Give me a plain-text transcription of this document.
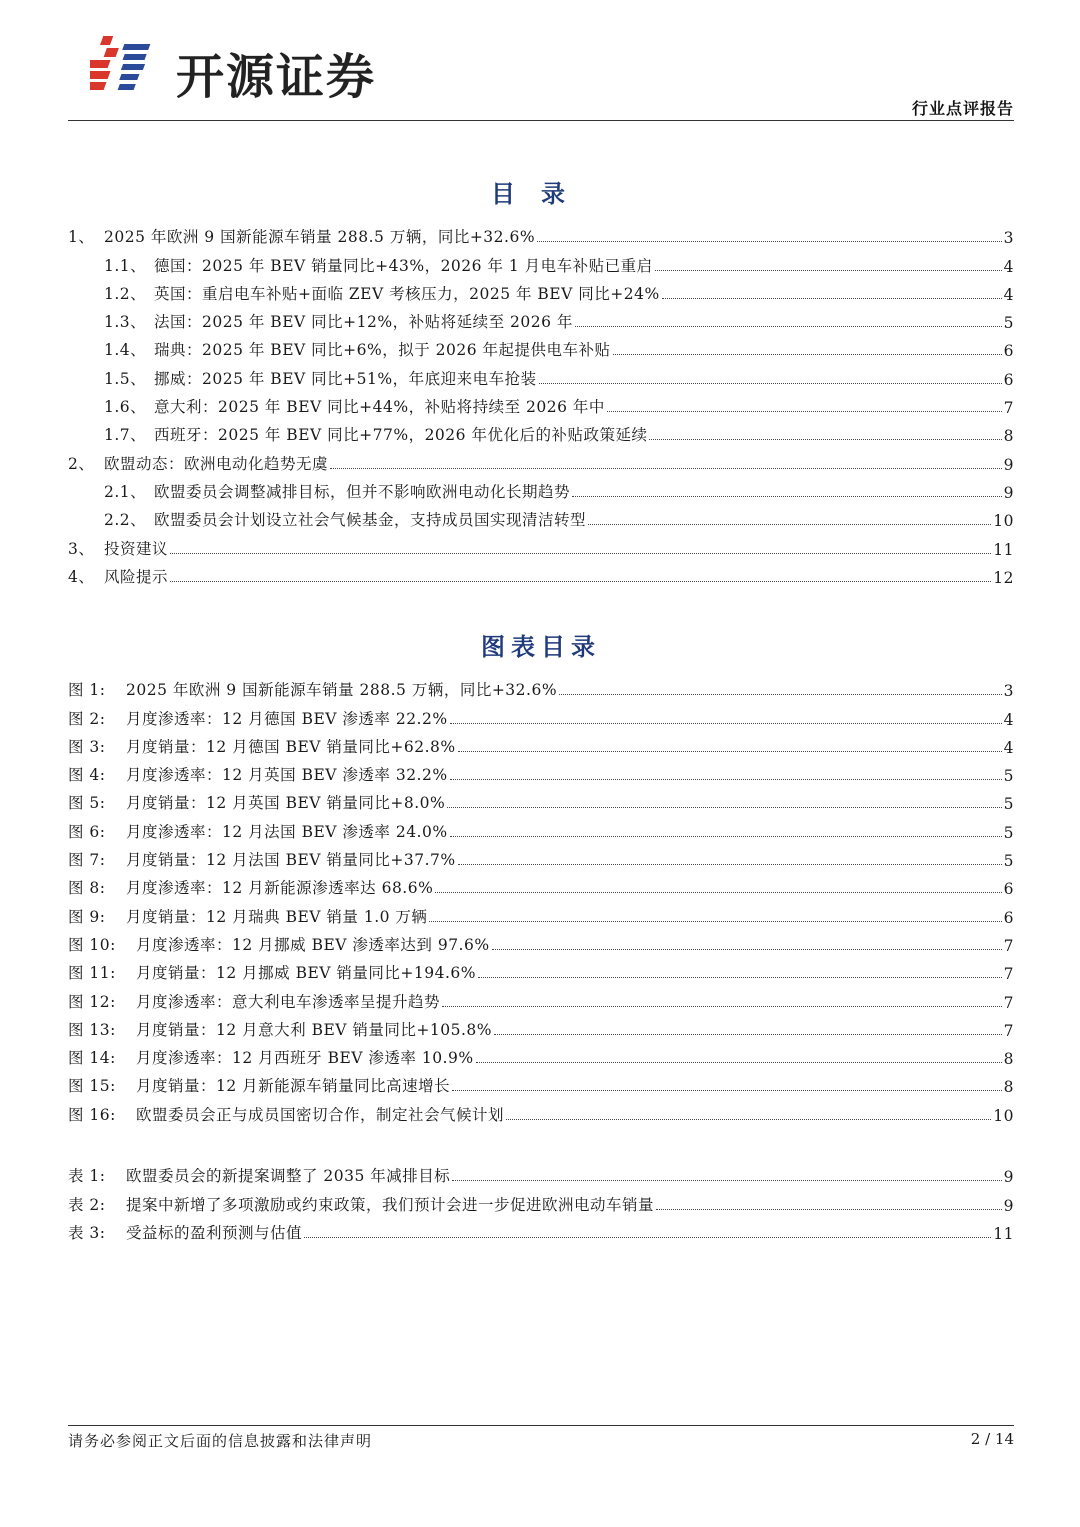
开源证券
行业点评报告
目录
1、 2025 年欧洲 9 国新能源车销量 288.5 万辆，同比+32.6%	3
1.1、 德国：2025 年 BEV 销量同比+43%，2026 年 1 月电车补贴已重启	4
1.2、 英国：重启电车补贴+面临 ZEV 考核压力，2025 年 BEV 同比+24%	4
1.3、 法国：2025 年 BEV 同比+12%，补贴将延续至 2026 年	5
1.4、 瑞典：2025 年 BEV 同比+6%，拟于 2026 年起提供电车补贴	6
1.5、 挪威：2025 年 BEV 同比+51%，年底迎来电车抢装	6
1.6、 意大利：2025 年 BEV 同比+44%，补贴将持续至 2026 年中	7
1.7、 西班牙：2025 年 BEV 同比+77%，2026 年优化后的补贴政策延续	8
2、 欧盟动态：欧洲电动化趋势无虞	9
2.1、 欧盟委员会调整减排目标，但并不影响欧洲电动化长期趋势	9
2.2、 欧盟委员会计划设立社会气候基金，支持成员国实现清洁转型	10
3、 投资建议	11
4、 风险提示	12
图表目录
图 1:	2025 年欧洲 9 国新能源车销量 288.5 万辆，同比+32.6%	3
图 2:	月度渗透率：12 月德国 BEV 渗透率 22.2%	4
图 3:	月度销量：12 月德国 BEV 销量同比+62.8%	4
图 4:	月度渗透率：12 月英国 BEV 渗透率 32.2%	5
图 5:	月度销量：12 月英国 BEV 销量同比+8.0%	5
图 6:	月度渗透率：12 月法国 BEV 渗透率 24.0%	5
图 7:	月度销量：12 月法国 BEV 销量同比+37.7%	5
图 8:	月度渗透率：12 月新能源渗透率达 68.6%	6
图 9:	月度销量：12 月瑞典 BEV 销量 1.0 万辆	6
图 10:	月度渗透率：12 月挪威 BEV 渗透率达到 97.6%	7
图 11:	月度销量：12 月挪威 BEV 销量同比+194.6%	7
图 12:	月度渗透率：意大利电车渗透率呈提升趋势	7
图 13:	月度销量：12 月意大利 BEV 销量同比+105.8%	7
图 14:	月度渗透率：12 月西班牙 BEV 渗透率 10.9%	8
图 15:	月度销量：12 月新能源车销量同比高速增长	8
图 16:	欧盟委员会正与成员国密切合作，制定社会气候计划	10
表 1:	欧盟委员会的新提案调整了 2035 年减排目标	9
表 2:	提案中新增了多项激励或约束政策，我们预计会进一步促进欧洲电动车销量	9
表 3:	受益标的盈利预测与估值	11
请务必参阅正文后面的信息披露和法律声明	2 / 14
